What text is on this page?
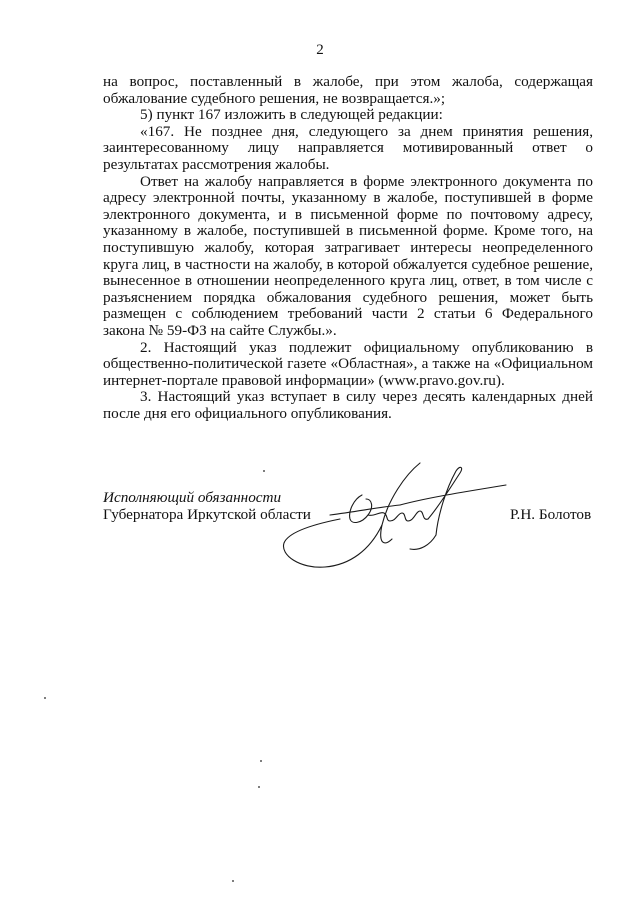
2

на вопрос, поставленный в жалобе, при этом жалоба, содержащая обжалование судебного решения, не возвращается.»;

5) пункт 167 изложить в следующей редакции:

«167. Не позднее дня, следующего за днем принятия решения, заинтересованному лицу направляется мотивированный ответ о результатах рассмотрения жалобы.

Ответ на жалобу направляется в форме электронного документа по адресу электронной почты, указанному в жалобе, поступившей в форме электронного документа, и в письменной форме по почтовому адресу, указанному в жалобе, поступившей в письменной форме. Кроме того, на поступившую жалобу, которая затрагивает интересы неопределенного круга лиц, в частности на жалобу, в которой обжалуется судебное решение, вынесенное в отношении неопределенного круга лиц, ответ, в том числе с разъяснением порядка обжалования судебного решения, может быть размещен с соблюдением требований части 2 статьи 6 Федерального закона № 59-ФЗ на сайте Службы.».

2. Настоящий указ подлежит официальному опубликованию в общественно-политической газете «Областная», а также на «Официальном интернет-портале правовой информации» (www.pravo.gov.ru).

3. Настоящий указ вступает в силу через десять календарных дней после дня его официального опубликования.

Исполняющий обязанности
Губернатора Иркутской области	Р.Н. Болотов
